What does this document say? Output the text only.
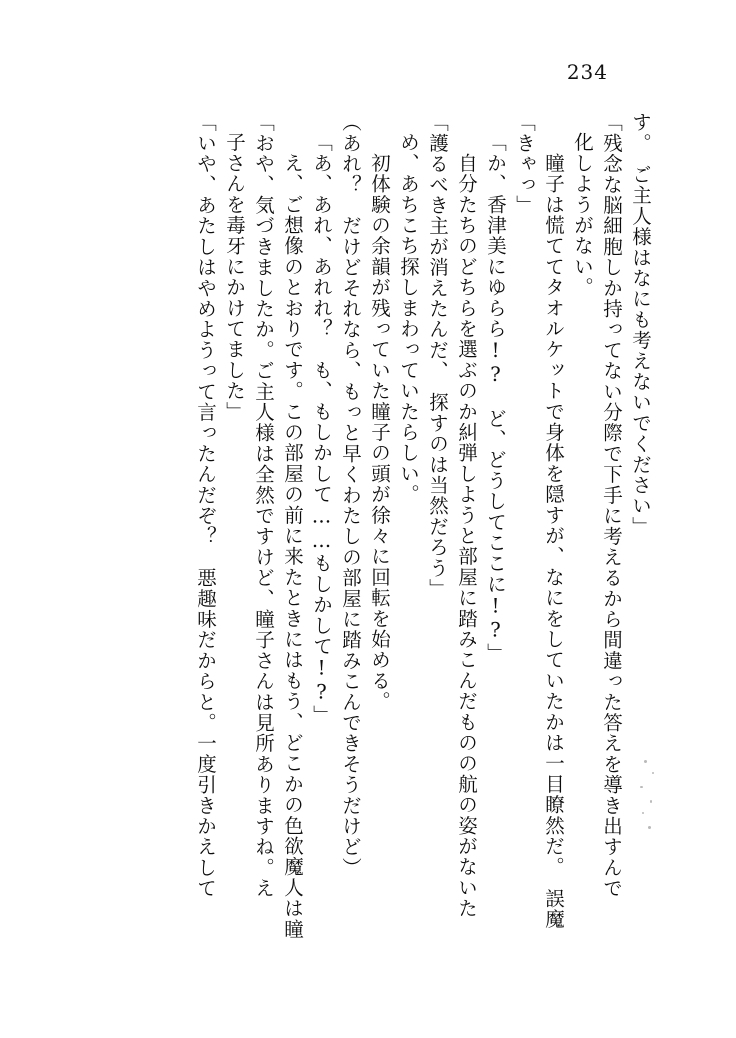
234
す。　ご主人様はなにも考えないでください」
「残念な脳細胞しか持ってない分際で下手に考えるから間違った答えを導き出すんで
化しようがない。
　瞳子は慌ててタオルケットで身体を隠すが、なにをしていたかは一目瞭然だ。　誤魔
「きゃっ」
「か、香津美にゆらら!?　ど、どうしてここに!?」
　自分たちのどちらを選ぶのか糾弾しようと部屋に踏みこんだものの航の姿がないた
「護るべき主が消えたんだ、　探すのは当然だろう」
め、あちこち探しまわっていたらしい。
　初体験の余韻が残っていた瞳子の頭が徐々に回転を始める。
（あれ？　だけどそれなら、もっと早くわたしの部屋に踏みこんできそうだけど）
「あ、あれ、あれれ？　も、もしかして……もしかして!?」
　え、ご想像のとおりです。この部屋の前に来たときにはもう、どこかの色欲魔人は瞳
「おや、気づきましたか。ご主人様は全然ですけど、瞳子さんは見所ありますね。え
子さんを毒牙にかけてました」
「いや、あたしはやめようって言ったんだぞ？　悪趣味だからと。一度引きかえして
